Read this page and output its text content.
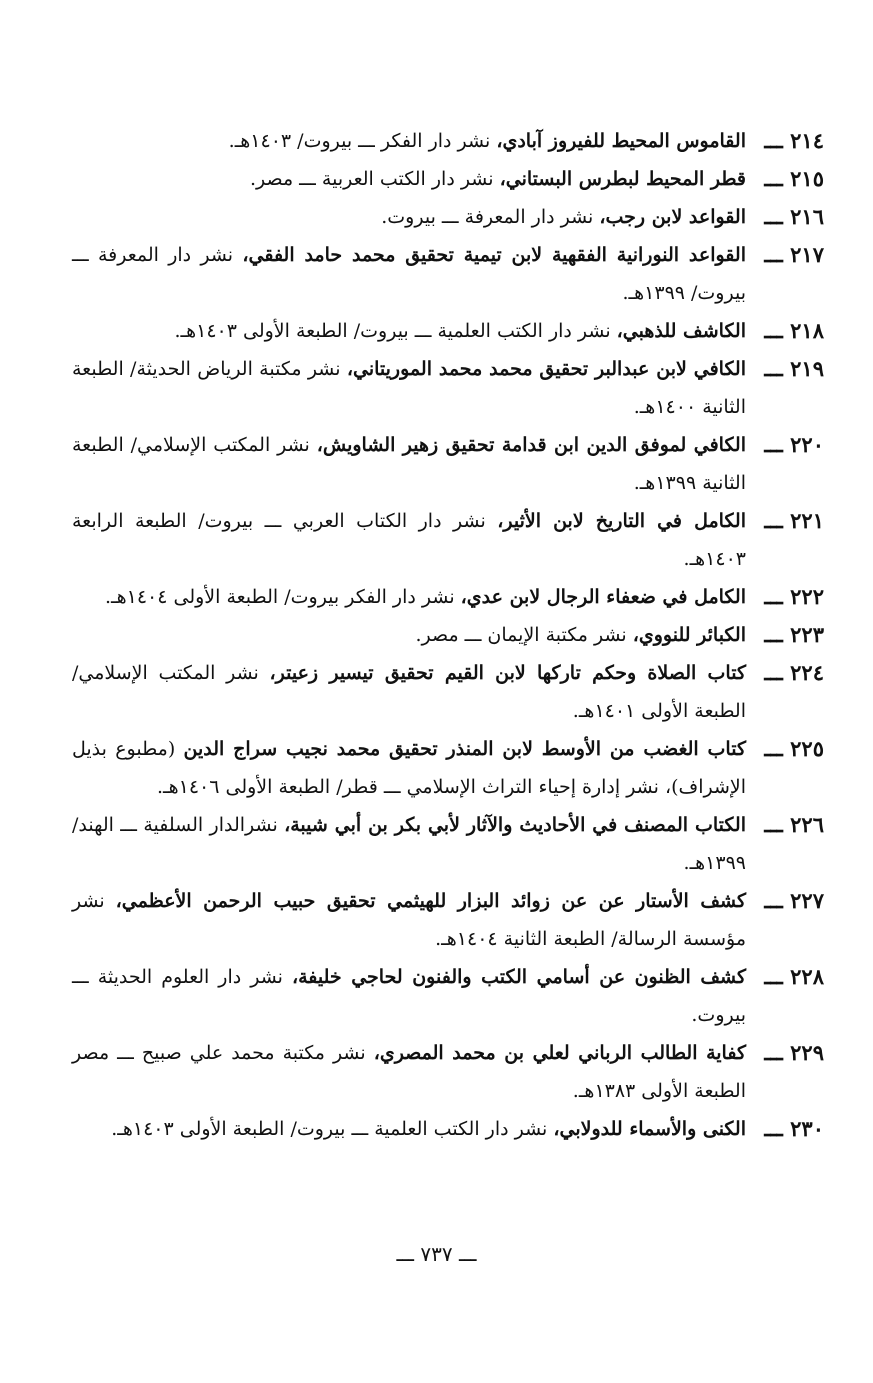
٢١٤ ـــ
القاموس المحيط للفيروز آبادي، نشر دار الفكر ـــ بيروت/ ١٤٠٣هـ.
٢١٥ ـــ
قطر المحيط لبطرس البستاني، نشر دار الكتب العربية ـــ مصر.
٢١٦ ـــ
القواعد لابن رجب، نشر دار المعرفة ـــ بيروت.
٢١٧ ـــ
القواعد النورانية الفقهية لابن تيمية تحقيق محمد حامد الفقي، نشر دار المعرفة ـــ بيروت/ ١٣٩٩هـ.
٢١٨ ـــ
الكاشف للذهبي، نشر دار الكتب العلمية ـــ بيروت/ الطبعة الأولى ١٤٠٣هـ.
٢١٩ ـــ
الكافي لابن عبدالبر تحقيق محمد محمد الموريتاني، نشر مكتبة الرياض الحديثة/ الطبعة الثانية ١٤٠٠هـ.
٢٢٠ ـــ
الكافي لموفق الدين ابن قدامة تحقيق زهير الشاويش، نشر المكتب الإسلامي/ الطبعة الثانية ١٣٩٩هـ.
٢٢١ ـــ
الكامل في التاريخ لابن الأثير، نشر دار الكتاب العربي ـــ بيروت/ الطبعة الرابعة ١٤٠٣هـ.
٢٢٢ ـــ
الكامل في ضعفاء الرجال لابن عدي، نشر دار الفكر بيروت/ الطبعة الأولى ١٤٠٤هـ.
٢٢٣ ـــ
الكبائر للنووي، نشر مكتبة الإيمان ـــ مصر.
٢٢٤ ـــ
كتاب الصلاة وحكم تاركها لابن القيم تحقيق تيسير زعيتر، نشر المكتب الإسلامي/ الطبعة الأولى ١٤٠١هـ.
٢٢٥ ـــ
كتاب الغضب من الأوسط لابن المنذر تحقيق محمد نجيب سراج الدين (مطبوع بذيل الإشراف)، نشر إدارة إحياء التراث الإسلامي ـــ قطر/ الطبعة الأولى ١٤٠٦هـ.
٢٢٦ ـــ
الكتاب المصنف في الأحاديث والآثار لأبي بكر بن أبي شيبة، نشرالدار السلفية ـــ الهند/ ١٣٩٩هـ.
٢٢٧ ـــ
كشف الأستار عن عن زوائد البزار للهيثمي تحقيق حبيب الرحمن الأعظمي، نشر مؤسسة الرسالة/ الطبعة الثانية ١٤٠٤هـ.
٢٢٨ ـــ
كشف الظنون عن أسامي الكتب والفنون لحاجي خليفة، نشر دار العلوم الحديثة ـــ بيروت.
٢٢٩ ـــ
كفاية الطالب الرباني لعلي بن محمد المصري، نشر مكتبة محمد علي صبيح ـــ مصر الطبعة الأولى ١٣٨٣هـ.
٢٣٠ ـــ
الكنى والأسماء للدولابي، نشر دار الكتب العلمية ـــ بيروت/ الطبعة الأولى ١٤٠٣هـ.
ـــ ٧٣٧ ـــ
